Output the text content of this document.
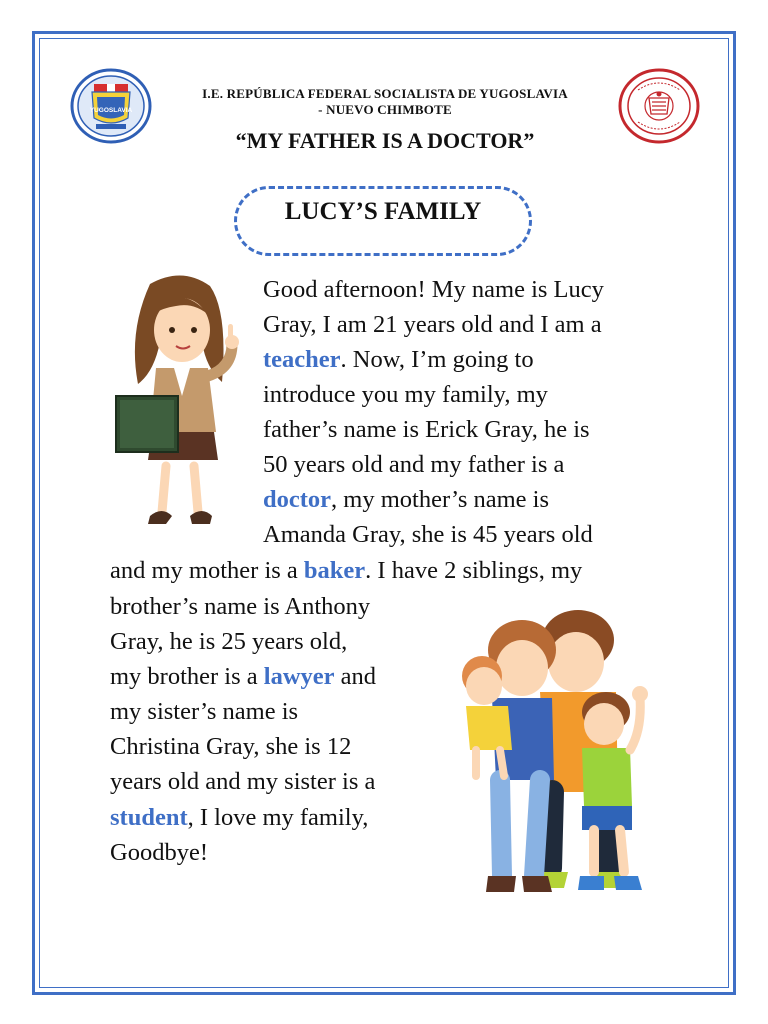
YUGOSLAVIA
I.E. REPÚBLICA FEDERAL SOCIALISTA DE YUGOSLAVIA
- NUEVO CHIMBOTE
“MY FATHER IS A DOCTOR”
LUCY’S FAMILY
Good afternoon! My name is Lucy
Gray, I am 21 years old and I am a
teacher. Now, I’m going to
introduce you my family, my
father’s name is Erick Gray, he is
50 years old and my father is a
doctor, my mother’s name is
Amanda Gray, she is 45 years old
and my mother is a baker. I have 2 siblings, my
brother’s name is Anthony
Gray, he is 25 years old,
my brother is a lawyer and
my sister’s name is
Christina Gray, she is 12
years old and my sister is a
student, I love my family,
Goodbye!
